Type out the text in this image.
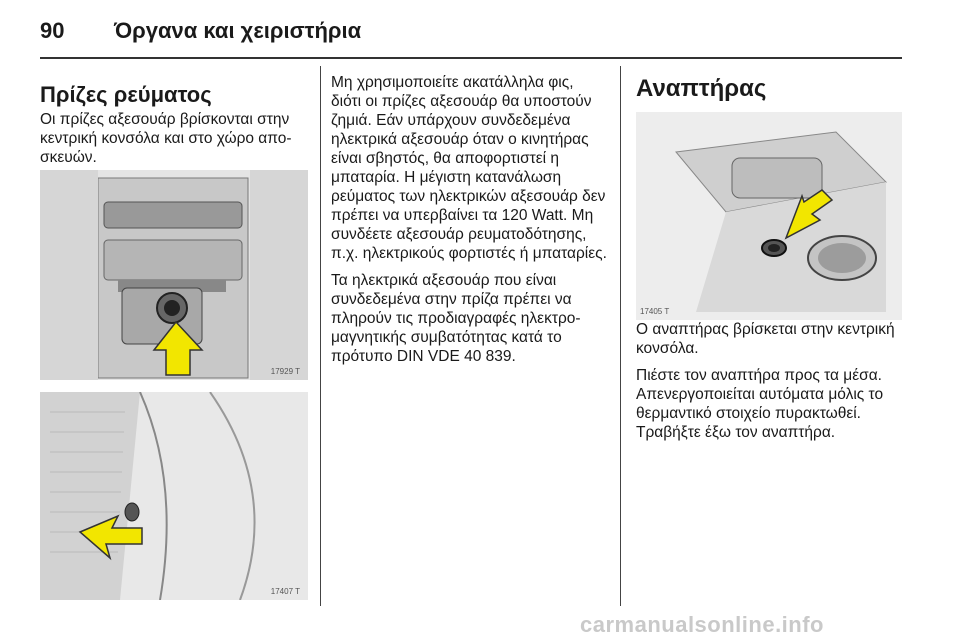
90 Όργανα και χειριστήρια
Πρίζες ρεύματος

Οι πρίζες αξεσουάρ βρίσκονται στην κεντρική κονσόλα και στο χώρο απο- σκευών.

17929 T
17407 T

Μη χρησιμοποιείτε ακατάλληλα φις, διότι οι πρίζες αξεσουάρ θα υποστούν ζημιά. Εάν υπάρχουν συνδεδεμένα ηλεκτρικά αξεσουάρ όταν ο κινητήρας είναι σβηστός, θα αποφορτιστεί η μπαταρία. Η μέγιστη κατανάλωση ρεύματος των ηλεκτρικών αξεσουάρ δεν πρέπει να υπερβαίνει τα 120 Watt. Μη συνδέετε αξεσουάρ ρευματοδότησης, π.χ. ηλεκτρικούς φορτιστές ή μπαταρίες.

Τα ηλεκτρικά αξεσουάρ που είναι συνδεδεμένα στην πρίζα πρέπει να πληρούν τις προδιαγραφές ηλεκτρο- μαγνητικής συμβατότητας κατά το πρότυπο DIN VDE 40 839.

Αναπτήρας
17405 T

Ο αναπτήρας βρίσκεται στην κεντρική κονσόλα.

Πιέστε τον αναπτήρα προς τα μέσα. Απενεργοποιείται αυτόματα μόλις το θερμαντικό στοιχείο πυρακτωθεί. Τραβήξτε έξω τον αναπτήρα.

carmanualsonline.info
